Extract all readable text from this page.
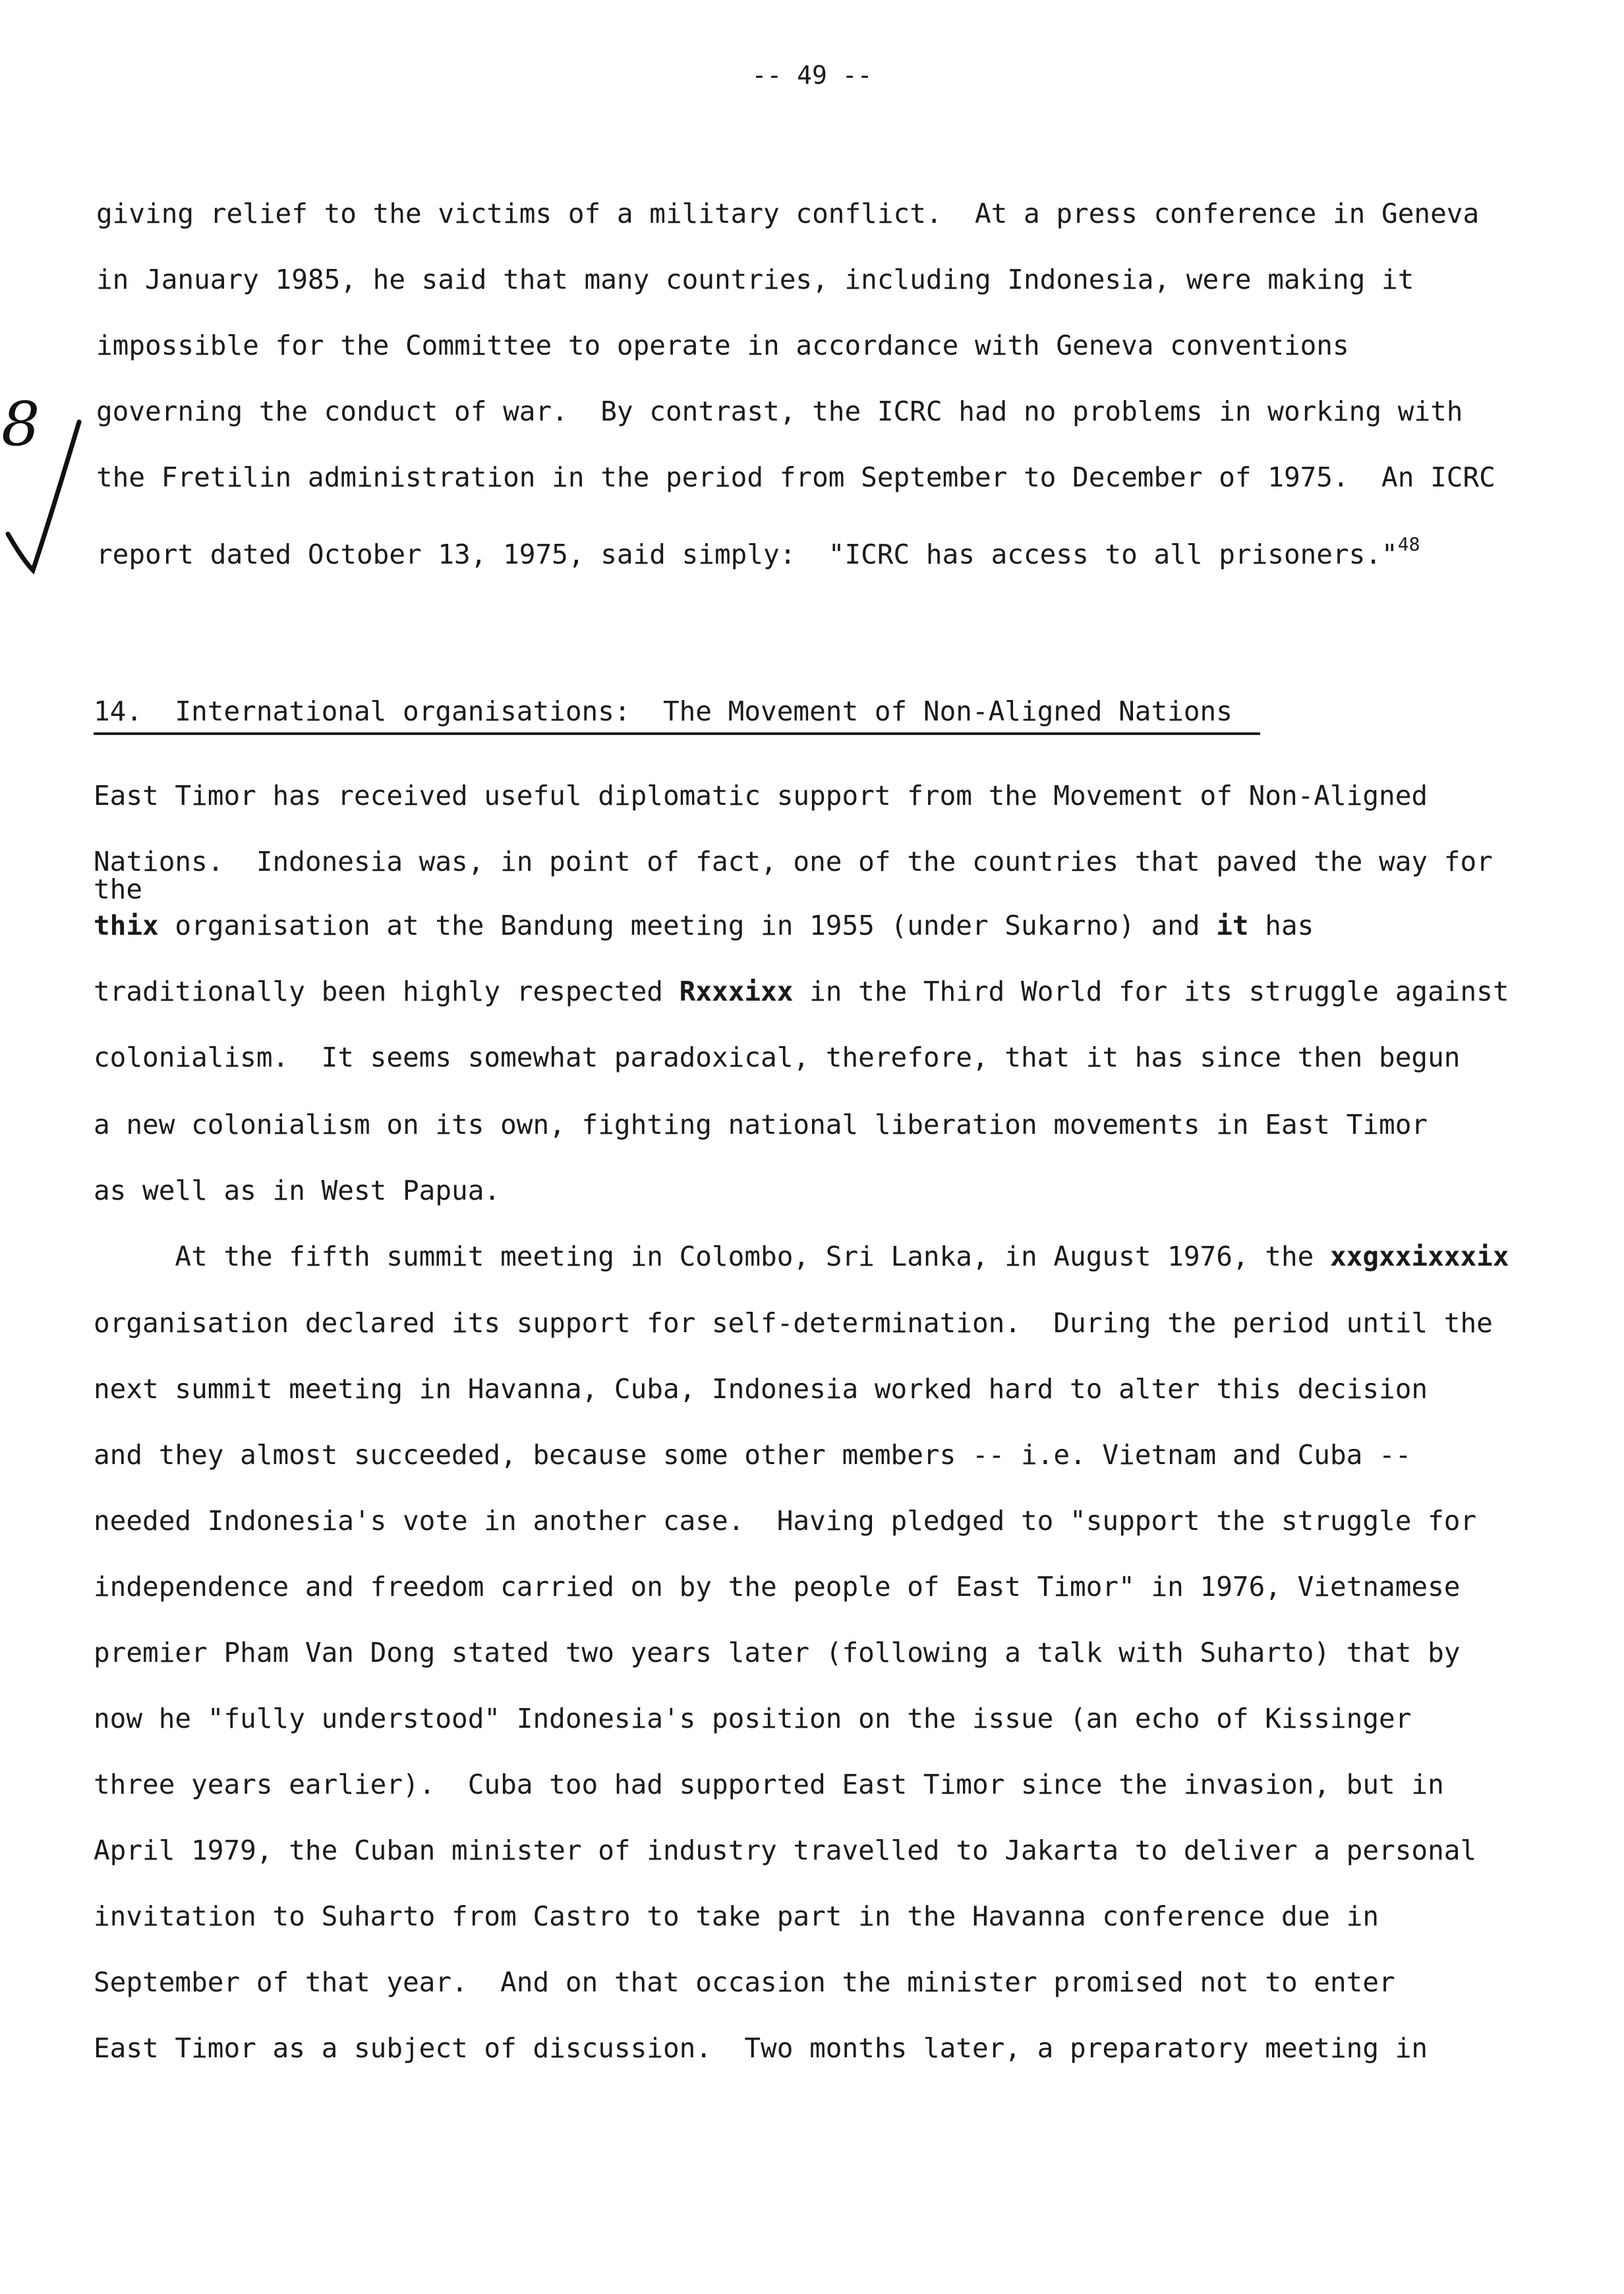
-- 49 --
8
giving relief to the victims of a military conflict.  At a press conference in Geneva
in January 1985, he said that many countries, including Indonesia, were making it
impossible for the Committee to operate in accordance with Geneva conventions
governing the conduct of war.  By contrast, the ICRC had no problems in working with
the Fretilin administration in the period from September to December of 1975.  An ICRC
report dated October 13, 1975, said simply:  "ICRC has access to all prisoners."$^{48}$
14.  International organisations:  The Movement of Non-Aligned Nations
East Timor has received useful diplomatic support from the Movement of Non-Aligned
Nations.  Indonesia was, in point of fact, one of the countries that paved the way for
the
thix organisation at the Bandung meeting in 1955 (under Sukarno) and it has
traditionally been highly respected Rxxxixx in the Third World for its struggle against
colonialism.  It seems somewhat paradoxical, therefore, that it has since then begun
a new colonialism on its own, fighting national liberation movements in East Timor
as well as in West Papua.
At the fifth summit meeting in Colombo, Sri Lanka, in August 1976, the xxgxxixxxix
organisation declared its support for self-determination.  During the period until the
next summit meeting in Havanna, Cuba, Indonesia worked hard to alter this decision
and they almost succeeded, because some other members -- i.e. Vietnam and Cuba --
needed Indonesia's vote in another case.  Having pledged to "support the struggle for
independence and freedom carried on by the people of East Timor" in 1976, Vietnamese
premier Pham Van Dong stated two years later (following a talk with Suharto) that by
now he "fully understood" Indonesia's position on the issue (an echo of Kissinger
three years earlier).  Cuba too had supported East Timor since the invasion, but in
April 1979, the Cuban minister of industry travelled to Jakarta to deliver a personal
invitation to Suharto from Castro to take part in the Havanna conference due in
September of that year.  And on that occasion the minister promised not to enter
East Timor as a subject of discussion.  Two months later, a preparatory meeting in
